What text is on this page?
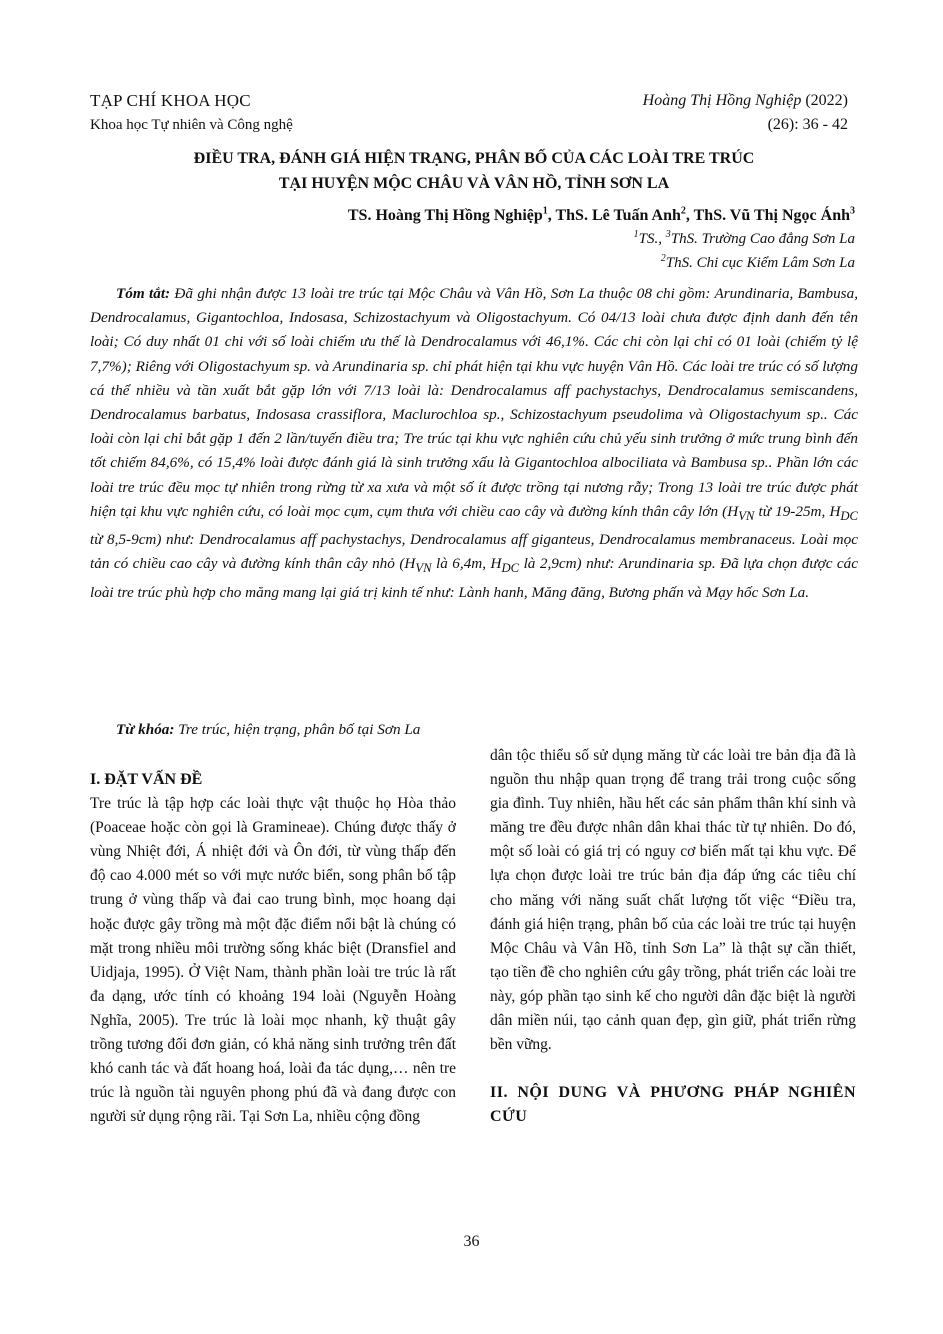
TẠP CHÍ KHOA HỌC
Khoa học Tự nhiên và Công nghệ
Hoàng Thị Hồng Nghiệp (2022)
(26): 36 - 42
ĐIỀU TRA, ĐÁNH GIÁ HIỆN TRẠNG, PHÂN BỐ CỦA CÁC LOÀI TRE TRÚC
TẠI HUYỆN MỘC CHÂU VÀ VÂN HỒ, TỈNH SƠN LA
TS. Hoàng Thị Hồng Nghiệp$^1$, ThS. Lê Tuấn Anh$^2$, ThS. Vũ Thị Ngọc Ánh$^3$
$^1$TS., $^3$ThS. Trường Cao đẳng Sơn La
$^2$ThS. Chi cục Kiểm Lâm Sơn La
Tóm tắt: Đã ghi nhận được 13 loài tre trúc tại Mộc Châu và Vân Hồ, Sơn La thuộc 08 chi gồm: Arundinaria, Bambusa, Dendrocalamus, Gigantochloa, Indosasa, Schizostachyum và Oligostachyum. Có 04/13 loài chưa được định danh đến tên loài; Có duy nhất 01 chi với số loài chiếm ưu thế là Dendrocalamus với 46,1%. Các chi còn lại chỉ có 01 loài (chiếm tỷ lệ 7,7%); Riêng với Oligostachyum sp. và Arundinaria sp. chỉ phát hiện tại khu vực huyện Vân Hồ. Các loài tre trúc có số lượng cá thể nhiều và tần xuất bắt gặp lớn với 7/13 loài là: Dendrocalamus aff pachystachys, Dendrocalamus semiscandens, Dendrocalamus barbatus, Indosasa crassiflora, Maclurochloa sp., Schizostachyum pseudolima và Oligostachyum sp.. Các loài còn lại chỉ bắt gặp 1 đến 2 lần/tuyến điều tra; Tre trúc tại khu vực nghiên cứu chủ yếu sinh trưởng ở mức trung bình đến tốt chiếm 84,6%, có 15,4% loài được đánh giá là sinh trưởng xấu là Gigantochloa albociliata và Bambusa sp.. Phần lớn các loài tre trúc đều mọc tự nhiên trong rừng từ xa xưa và một số ít được trồng tại nương rẫy; Trong 13 loài tre trúc được phát hiện tại khu vực nghiên cứu, có loài mọc cụm, cụm thưa với chiều cao cây và đường kính thân cây lớn ($H_{VN}$ từ 19-25m, $H_{DC}$ từ 8,5-9cm) như: Dendrocalamus aff pachystachys, Dendrocalamus aff giganteus, Dendrocalamus membranaceus. Loài mọc tản có chiều cao cây và đường kính thân cây nhỏ ($H_{VN}$ là 6,4m, $H_{DC}$ là 2,9cm) như: Arundinaria sp. Đã lựa chọn được các loài tre trúc phù hợp cho măng mang lại giá trị kinh tế như: Lành hanh, Măng đăng, Bương phấn và Mạy hốc Sơn La.
Từ khóa: Tre trúc, hiện trạng, phân bố tại Sơn La
I. ĐẶT VẤN ĐỀ
Tre trúc là tập hợp các loài thực vật thuộc họ Hòa thảo (Poaceae hoặc còn gọi là Gramineae). Chúng được thấy ở vùng Nhiệt đới, Á nhiệt đới và Ôn đới, từ vùng thấp đến độ cao 4.000 mét so với mực nước biển, song phân bố tập trung ở vùng thấp và đai cao trung bình, mọc hoang dại hoặc được gây trồng mà một đặc điểm nổi bật là chúng có mặt trong nhiều môi trường sống khác biệt (Dransfiel and Uidjaja, 1995). Ở Việt Nam, thành phần loài tre trúc là rất đa dạng, ước tính có khoảng 194 loài (Nguyễn Hoàng Nghĩa, 2005). Tre trúc là loài mọc nhanh, kỹ thuật gây trồng tương đối đơn giản, có khả năng sinh trưởng trên đất khó canh tác và đất hoang hoá, loài đa tác dụng,… nên tre trúc là nguồn tài nguyên phong phú đã và đang được con người sử dụng rộng rãi. Tại Sơn La, nhiều cộng đồng
dân tộc thiểu số sử dụng măng từ các loài tre bản địa đã là nguồn thu nhập quan trọng để trang trải trong cuộc sống gia đình. Tuy nhiên, hầu hết các sản phẩm thân khí sinh và măng tre đều được nhân dân khai thác từ tự nhiên. Do đó, một số loài có giá trị có nguy cơ biến mất tại khu vực. Để lựa chọn được loài tre trúc bản địa đáp ứng các tiêu chí cho măng với năng suất chất lượng tốt việc “Điều tra, đánh giá hiện trạng, phân bố của các loài tre trúc tại huyện Mộc Châu và Vân Hồ, tỉnh Sơn La” là thật sự cần thiết, tạo tiền đề cho nghiên cứu gây trồng, phát triển các loài tre này, góp phần tạo sinh kế cho người dân đặc biệt là người dân miền núi, tạo cảnh quan đẹp, gìn giữ, phát triển rừng bền vững.
II. NỘI DUNG VÀ PHƯƠNG PHÁP NGHIÊN CỨU
36
